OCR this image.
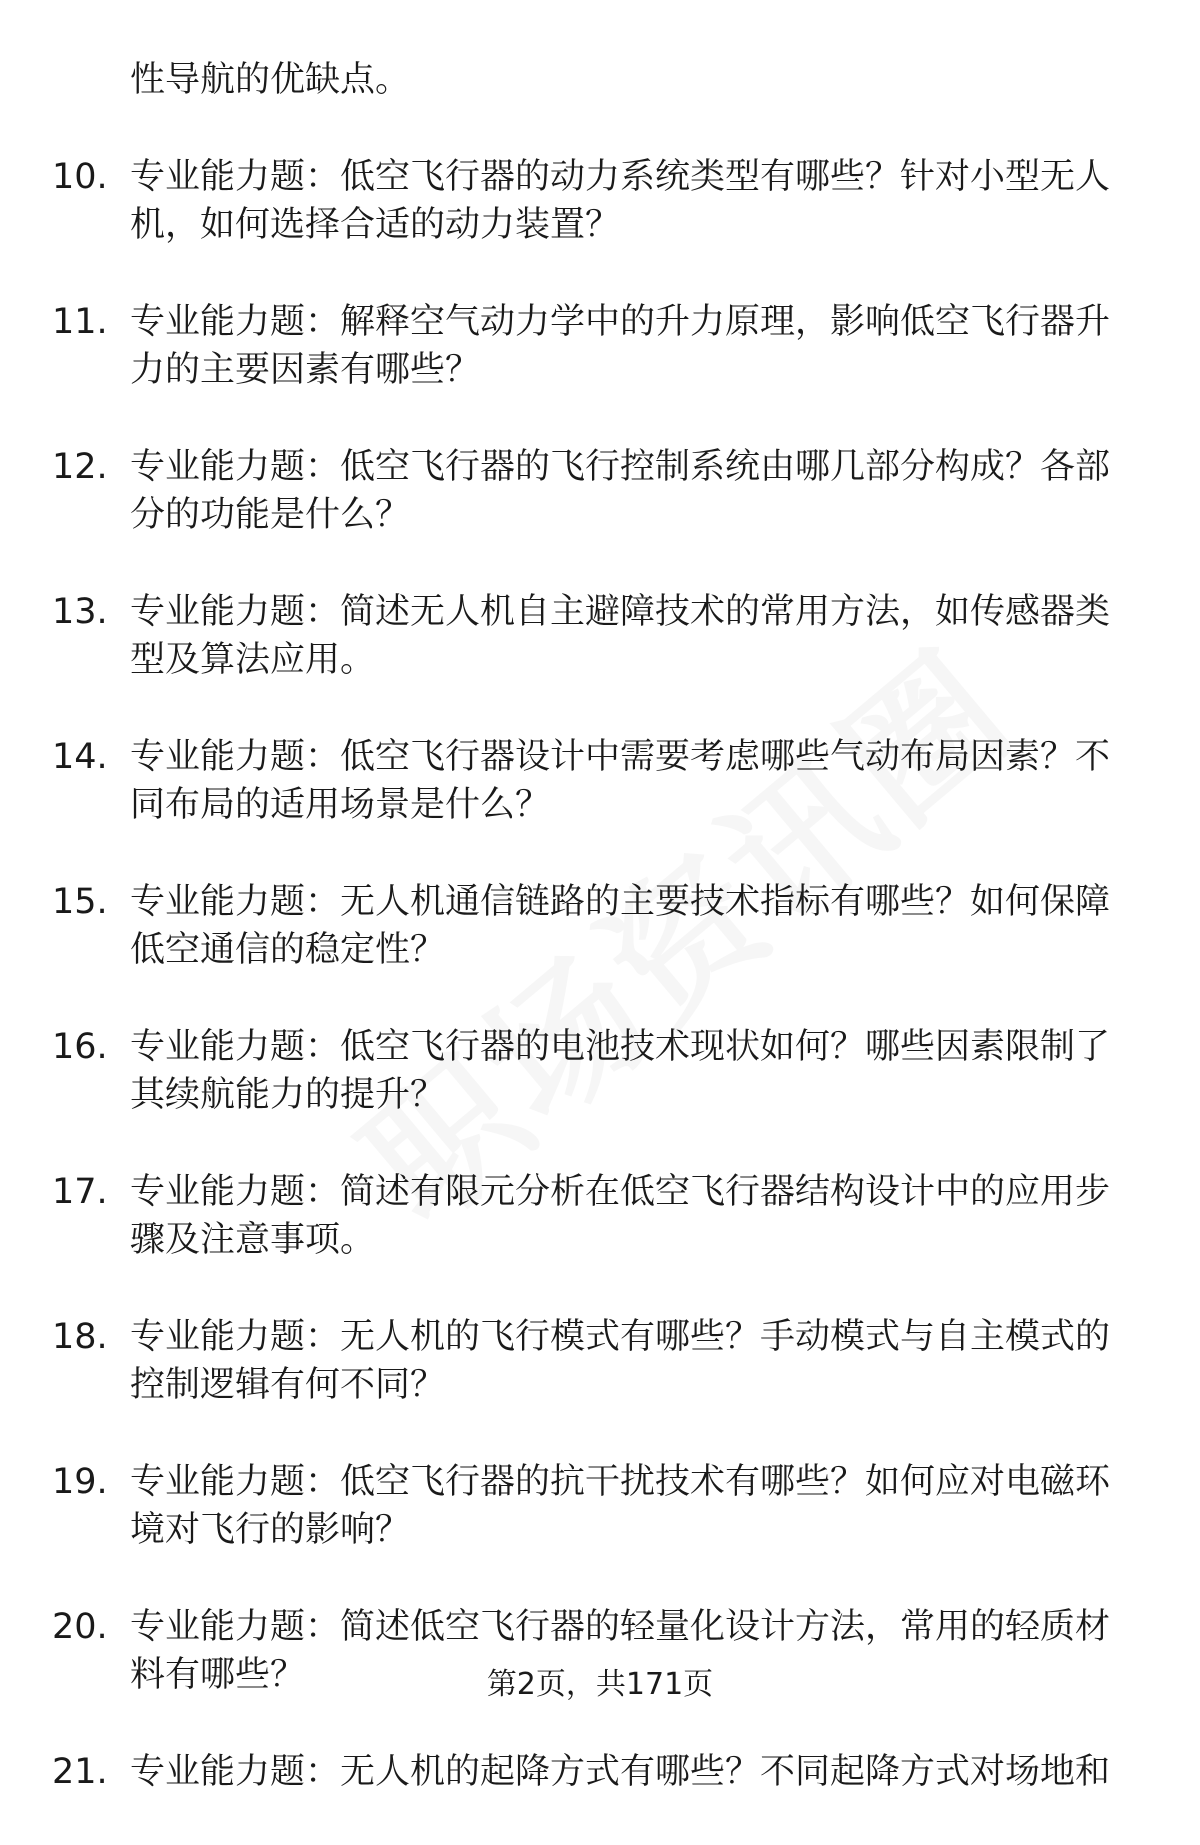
性导航的优缺点。
10. 专业能力题：低空飞行器的动力系统类型有哪些？针对小型无人机，如何选择合适的动力装置？
11. 专业能力题：解释空气动力学中的升力原理，影响低空飞行器升力的主要因素有哪些？
12. 专业能力题：低空飞行器的飞行控制系统由哪几部分构成？各部分的功能是什么？
13. 专业能力题：简述无人机自主避障技术的常用方法，如传感器类型及算法应用。
14. 专业能力题：低空飞行器设计中需要考虑哪些气动布局因素？不同布局的适用场景是什么？
15. 专业能力题：无人机通信链路的主要技术指标有哪些？如何保障低空通信的稳定性？
16. 专业能力题：低空飞行器的电池技术现状如何？哪些因素限制了其续航能力的提升？
17. 专业能力题：简述有限元分析在低空飞行器结构设计中的应用步骤及注意事项。
18. 专业能力题：无人机的飞行模式有哪些？手动模式与自主模式的控制逻辑有何不同？
19. 专业能力题：低空飞行器的抗干扰技术有哪些？如何应对电磁环境对飞行的影响？
20. 专业能力题：简述低空飞行器的轻量化设计方法，常用的轻质材料有哪些？
21. 专业能力题：无人机的起降方式有哪些？不同起降方式对场地和
第2页，共171页
